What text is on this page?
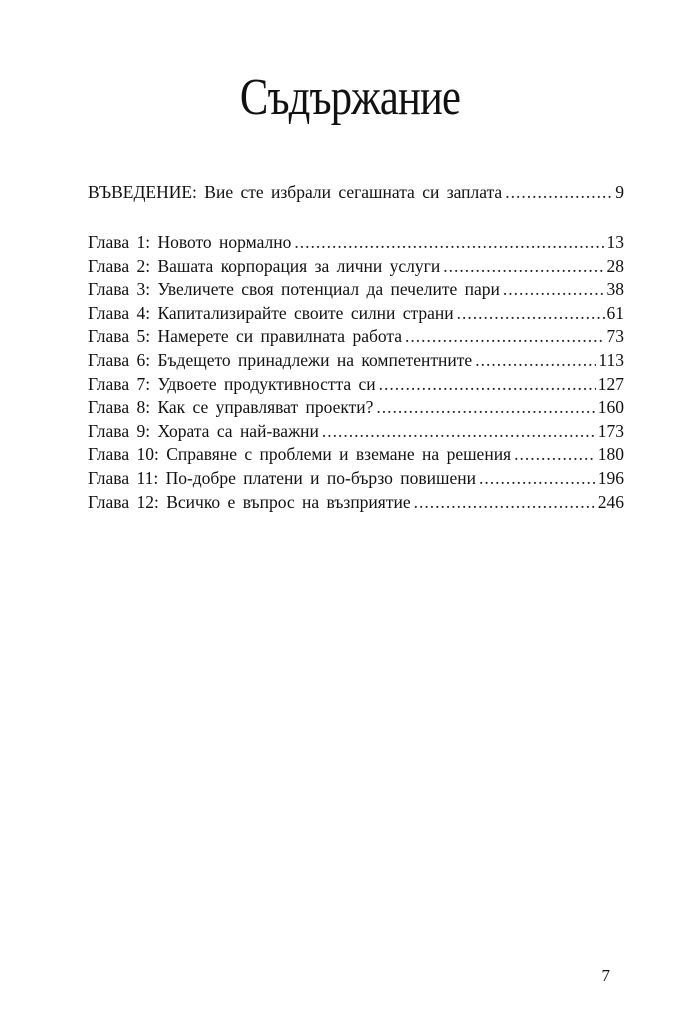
Съдържание
ВЪВЕДЕНИЕ: Вие сте избрали сегашната си заплата .....	9
Глава 1: Новото нормално .....	13
Глава 2: Вашата корпорация за лични услуги .....	28
Глава 3: Увеличете своя потенциал да печелите пари .....	38
Глава 4: Капитализирайте своите силни страни .....	61
Глава 5: Намерете си правилната работа .....	73
Глава 6: Бъдещето принадлежи на компетентните .....	113
Глава 7: Удвоете продуктивността си .....	127
Глава 8: Как се управляват проекти? .....	160
Глава 9: Хората са най-важни .....	173
Глава 10: Справяне с проблеми и вземане на решения .....	180
Глава 11: По-добре платени и по-бързо повишени .....	196
Глава 12: Всичко е въпрос на възприятие .....	246
7
